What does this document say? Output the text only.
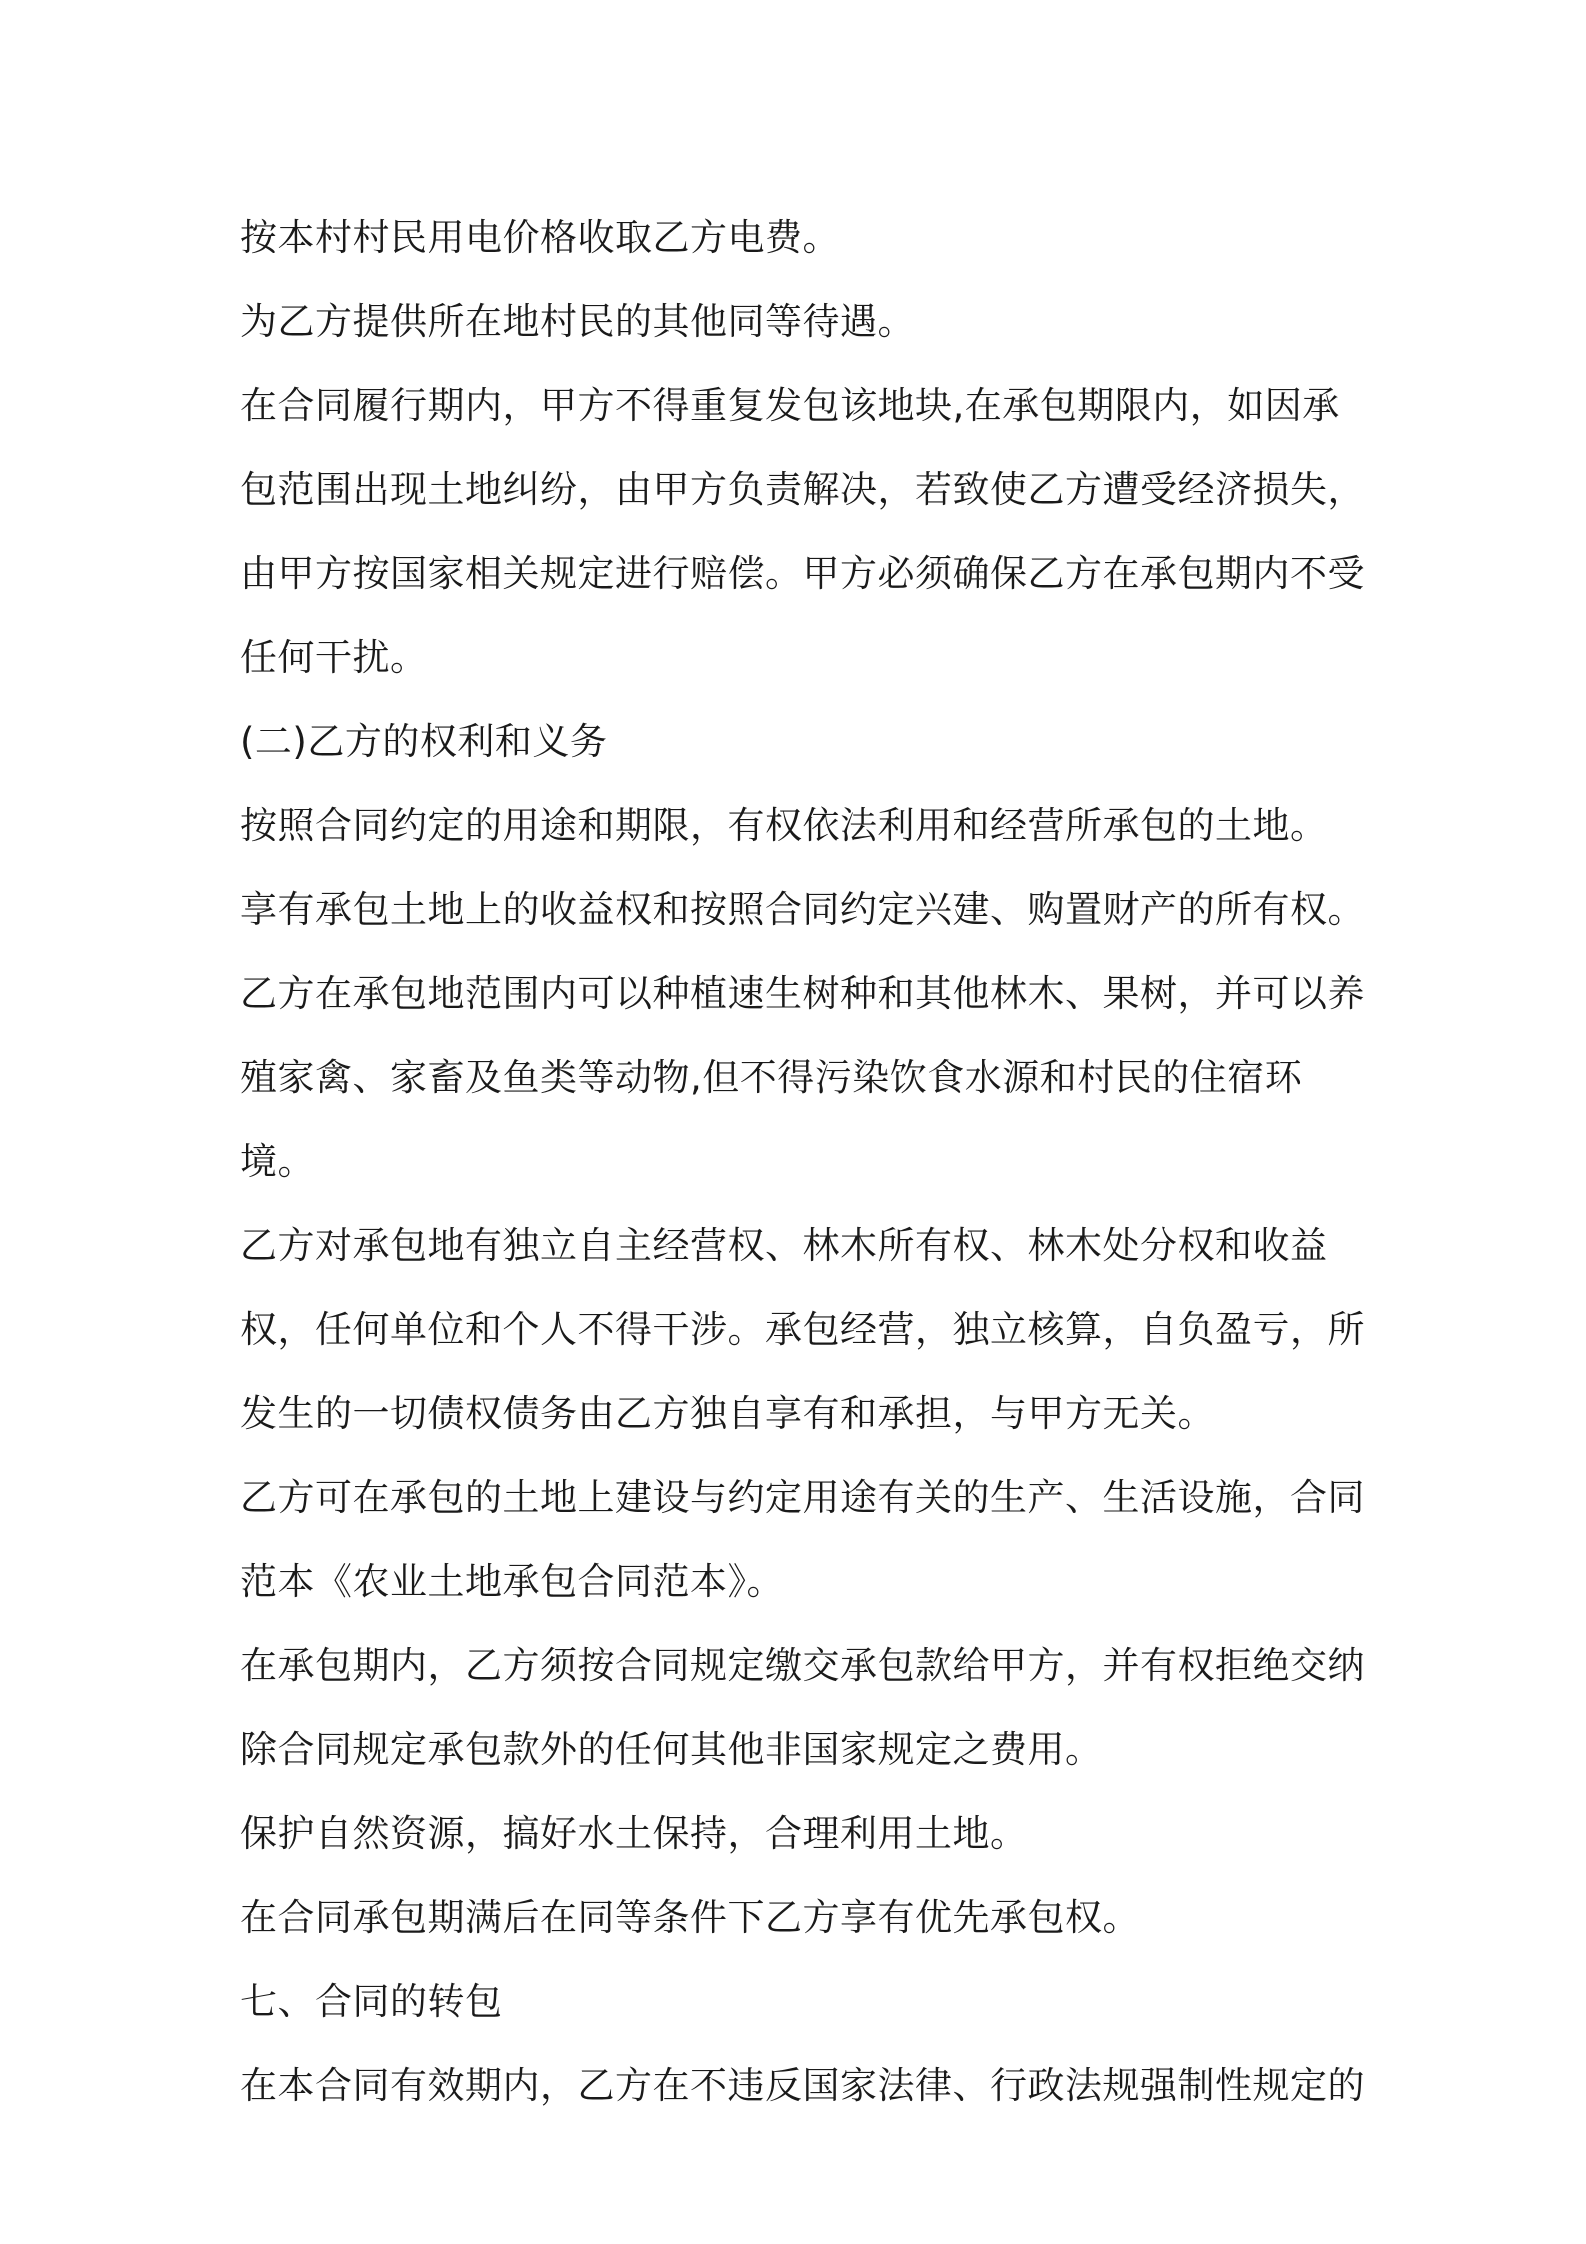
按本村村民用电价格收取乙方电费。

为乙方提供所在地村民的其他同等待遇。

在合同履行期内，甲方不得重复发包该地块,在承包期限内，如因承包范围出现土地纠纷，由甲方负责解决，若致使乙方遭受经济损失，由甲方按国家相关规定进行赔偿。甲方必须确保乙方在承包期内不受任何干扰。

(二)乙方的权利和义务

按照合同约定的用途和期限，有权依法利用和经营所承包的土地。

享有承包土地上的收益权和按照合同约定兴建、购置财产的所有权。

乙方在承包地范围内可以种植速生树种和其他林木、果树，并可以养殖家禽、家畜及鱼类等动物,但不得污染饮食水源和村民的住宿环境。

乙方对承包地有独立自主经营权、林木所有权、林木处分权和收益权，任何单位和个人不得干涉。承包经营，独立核算，自负盈亏，所发生的一切债权债务由乙方独自享有和承担，与甲方无关。

乙方可在承包的土地上建设与约定用途有关的生产、生活设施，合同范本《农业土地承包合同范本》。

在承包期内，乙方须按合同规定缴交承包款给甲方，并有权拒绝交纳除合同规定承包款外的任何其他非国家规定之费用。

保护自然资源，搞好水土保持，合理利用土地。

在合同承包期满后在同等条件下乙方享有优先承包权。

七、合同的转包

在本合同有效期内，乙方在不违反国家法律、行政法规强制性规定的
